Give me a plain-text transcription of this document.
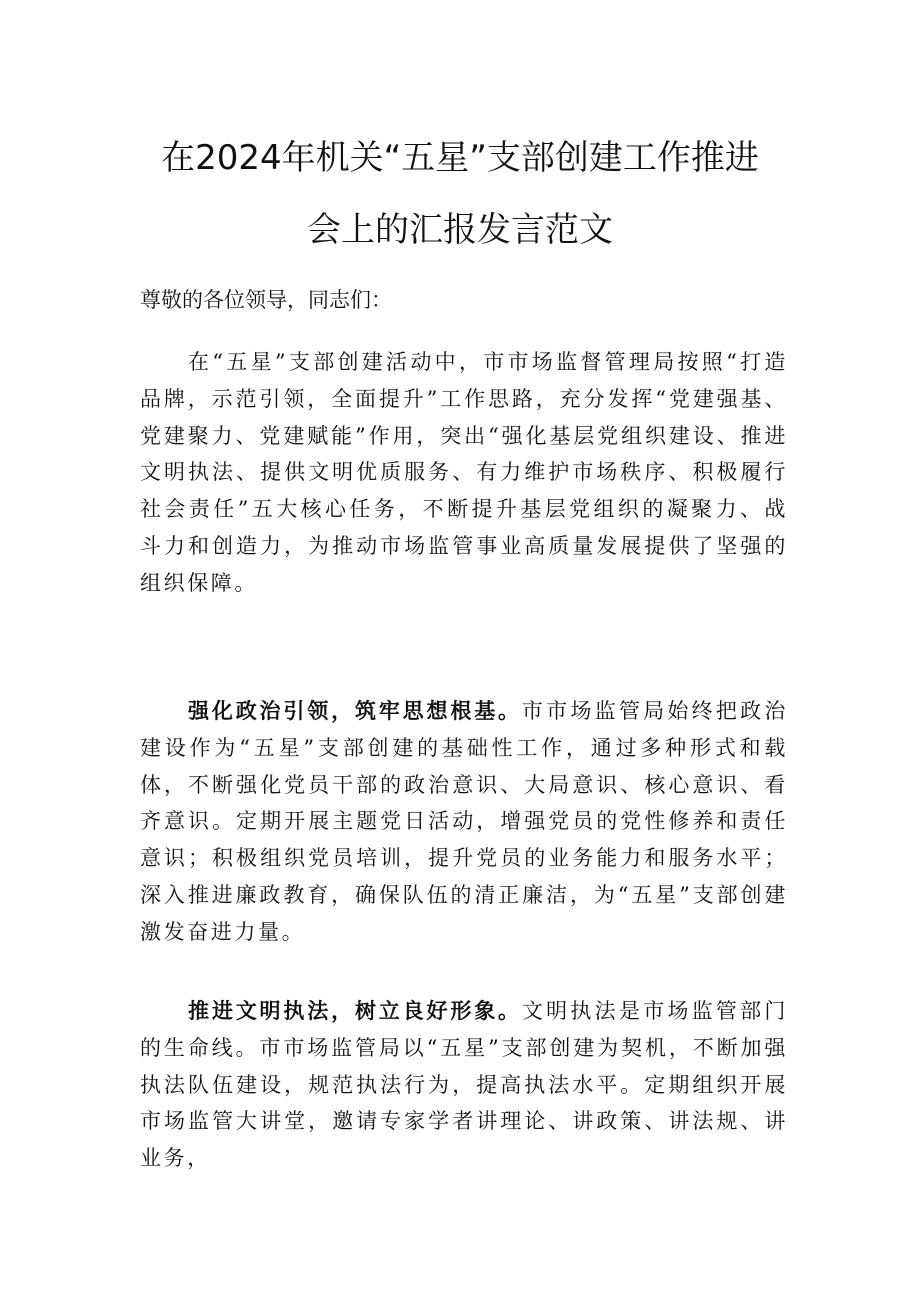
在2024年机关“五星”支部创建工作推进
会上的汇报发言范文
尊敬的各位领导，同志们：

在“五星”支部创建活动中，市市场监督管理局按照“打造品牌，示范引领，全面提升”工作思路，充分发挥“党建强基、党建聚力、党建赋能”作用，突出“强化基层党组织建设、推进文明执法、提供文明优质服务、有力维护市场秩序、积极履行社会责任”五大核心任务，不断提升基层党组织的凝聚力、战斗力和创造力，为推动市场监管事业高质量发展提供了坚强的组织保障。

强化政治引领，筑牢思想根基。市市场监管局始终把政治建设作为“五星”支部创建的基础性工作，通过多种形式和载体，不断强化党员干部的政治意识、大局意识、核心意识、看齐意识。定期开展主题党日活动，增强党员的党性修养和责任意识；积极组织党员培训，提升党员的业务能力和服务水平；深入推进廉政教育，确保队伍的清正廉洁，为“五星”支部创建激发奋进力量。

推进文明执法，树立良好形象。文明执法是市场监管部门的生命线。市市场监管局以“五星”支部创建为契机，不断加强执法队伍建设，规范执法行为，提高执法水平。定期组织开展市场监管大讲堂，邀请专家学者讲理论、讲政策、讲法规、讲业务，
